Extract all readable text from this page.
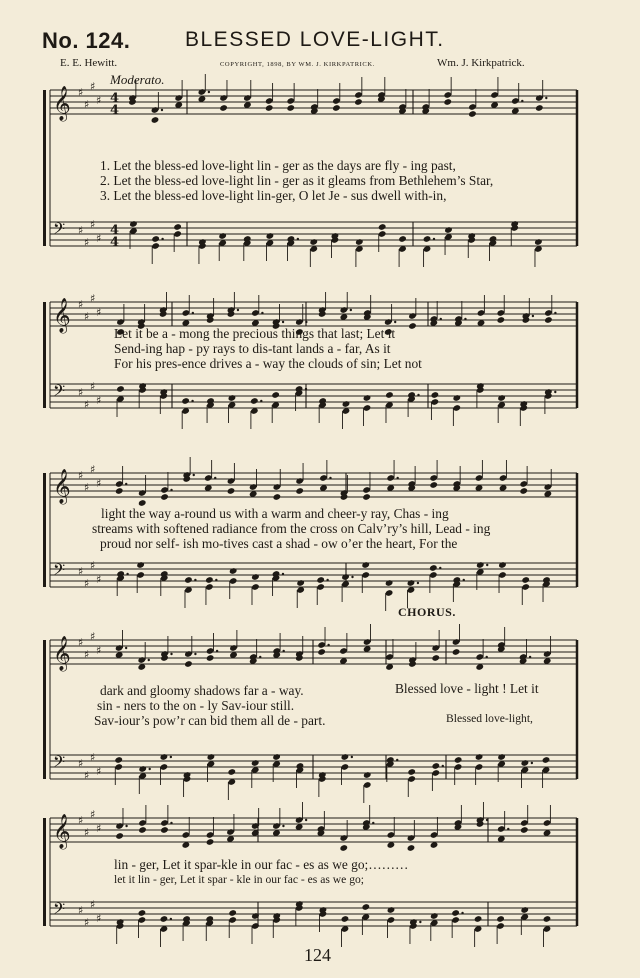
No. 124.	BLESSED LOVE-LIGHT.
E. E. Hewitt.	COPYRIGHT, 1898, BY WM. J. KIRKPATRICK.	Wm. J. Kirkpatrick.
Moderato.
𝄞 ♯
♯
♯
♯ 4
4
𝄢 ♯
♯
♯
♯
4
4
𝄞 ♯
♯
♯
♯
𝄢 ♯
♯
♯
♯
𝄞 ♯
♯
♯
♯
𝄢 ♯
♯
♯
♯
𝄞 ♯
♯
♯
♯
𝄢 ♯
♯
♯
♯
𝄞 ♯
♯
♯
♯
𝄢 ♯
♯
♯
♯
1. Let the bless-ed love-light lin - ger as the days are fly - ing past,
2. Let the bless-ed love-light lin - ger as it gleams from Bethlehem’s Star,
3. Let the bless-ed love-light lin-ger, O let Je - sus dwell with-in,
Let it be a - mong the precious things that last; Let it
Send-ing hap - py rays to dis-tant lands a - far, As it
For his pres-ence drives a - way the clouds of sin; Let not
light the way a-round us with a warm and cheer-y ray, Chas - ing
streams with softened radiance from the cross on Calv’ry’s hill, Lead - ing
proud nor self- ish mo-tives cast a shad - ow o’er the heart, For the
CHORUS.
dark and gloomy shadows far a - way.
sin - ners to the on - ly Sav-iour still.
Sav-iour’s pow’r can bid them all de - part.
Blessed love - light ! Let it
Blessed love-light,
lin - ger, Let it spar-kle in our fac - es as we go;………
let it lin - ger, Let it spar - kle in our fac - es as we go;
124
